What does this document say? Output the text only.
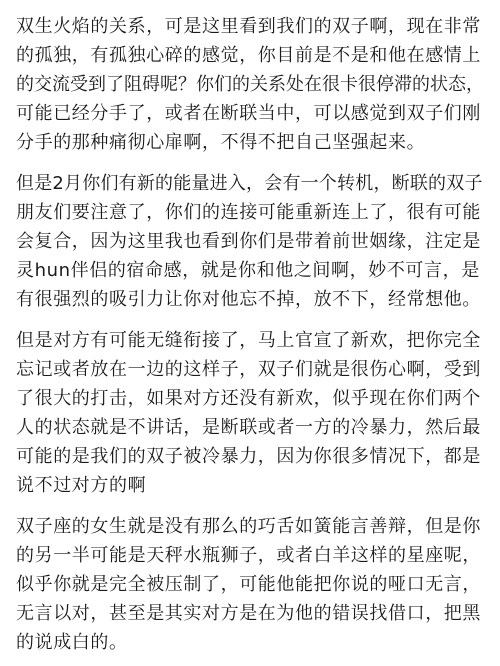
双生火焰的关系，可是这里看到我们的双子啊，现在非常
的孤独，有孤独心碎的感觉，你目前是不是和他在感情上
的交流受到了阻碍呢？你们的关系处在很卡很停滞的状态，
可能已经分手了，或者在断联当中，可以感觉到双子们刚
分手的那种痛彻心扉啊，不得不把自己坚强起来。
但是2月你们有新的能量进入，会有一个转机，断联的双子
朋友们要注意了，你们的连接可能重新连上了，很有可能
会复合，因为这里我也看到你们是带着前世姻缘，注定是
灵hun伴侣的宿命感，就是你和他之间啊，妙不可言，是
有很强烈的吸引力让你对他忘不掉，放不下，经常想他。
但是对方有可能无缝衔接了，马上官宣了新欢，把你完全
忘记或者放在一边的这样子，双子们就是很伤心啊，受到
了很大的打击，如果对方还没有新欢，似乎现在你们两个
人的状态就是不讲话，是断联或者一方的冷暴力，然后最
可能的是我们的双子被冷暴力，因为你很多情况下，都是
说不过对方的啊
双子座的女生就是没有那么的巧舌如簧能言善辩，但是你
的另一半可能是天秤水瓶狮子，或者白羊这样的星座呢，
似乎你就是完全被压制了，可能他能把你说的哑口无言，
无言以对，甚至是其实对方是在为他的错误找借口，把黑
的说成白的。
